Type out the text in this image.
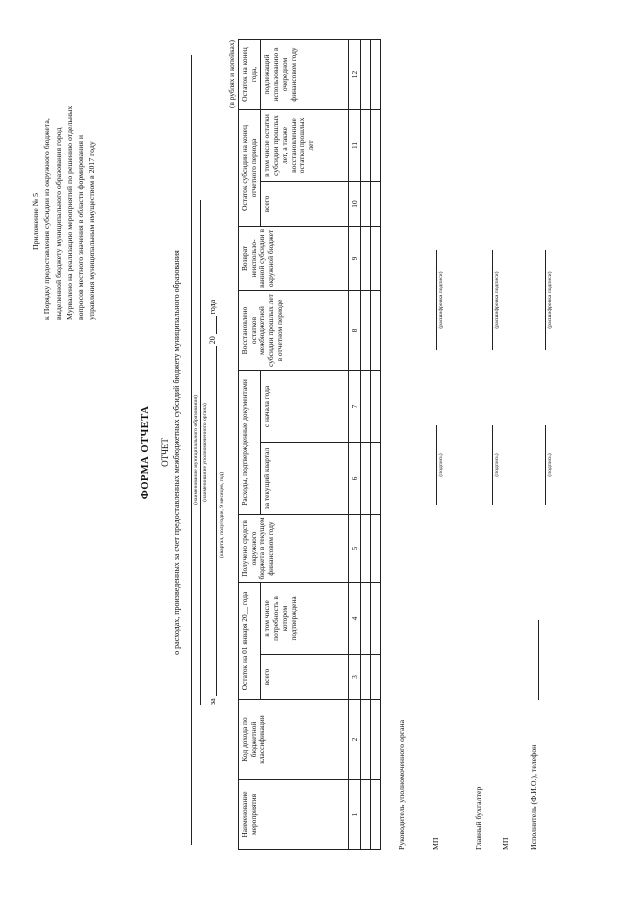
Приложение № 5 к Порядку предоставления субсидии из окружного бюджета, выделенной бюджету муниципального образования город Мурвалено на реализацию мероприятий по решению отдельных вопросов местного значения в области формирования и управления муниципальным имуществом в 2017 году
ФОРМА ОТЧЕТА ОТЧЕТ о расходах, произведенных за счет предоставленных межбюджетных субсидий бюджету муниципального образования (наименование муниципального образования) (наименование уполномоченного органа)
за  20  года
(квартал, полугодие, 9 месяцев, год)
(в рублях и копейках)
Наименование мероприятия	Код дохода по бюджетной классификации	Остаток на 01 января 20__ года		Получено средств окружного бюджета в текущем финансовом году	Расходы, подтвержденные документами		Восстановлено остатков межбюджетной субсидии прошлых лет в отчетном периоде	Возврат неиспользо-ванной субсидии в окружной бюджет	Остаток субсидии на конец отчетного периода		Остаток на конец года,
		всего	в том числе потребность в котором подтверждена		за текущий квартал	с начала года			всего	в том числе остатки субсидии прошлых лет, а также восстановленные остатки прошлых лет	подлежащий использованию в очередном финансовом году
1	2	3	4	5	6	7	8	9	10	11	12

Руководитель уполномоченного органа	МП
(подпись)
(расшифровка подписи)
Главный бухгалтер
(подпись)
(расшифровка подписи)
МП Исполнитель (Ф.И.О.), телефон
(подпись)
(расшифровка подписи)
